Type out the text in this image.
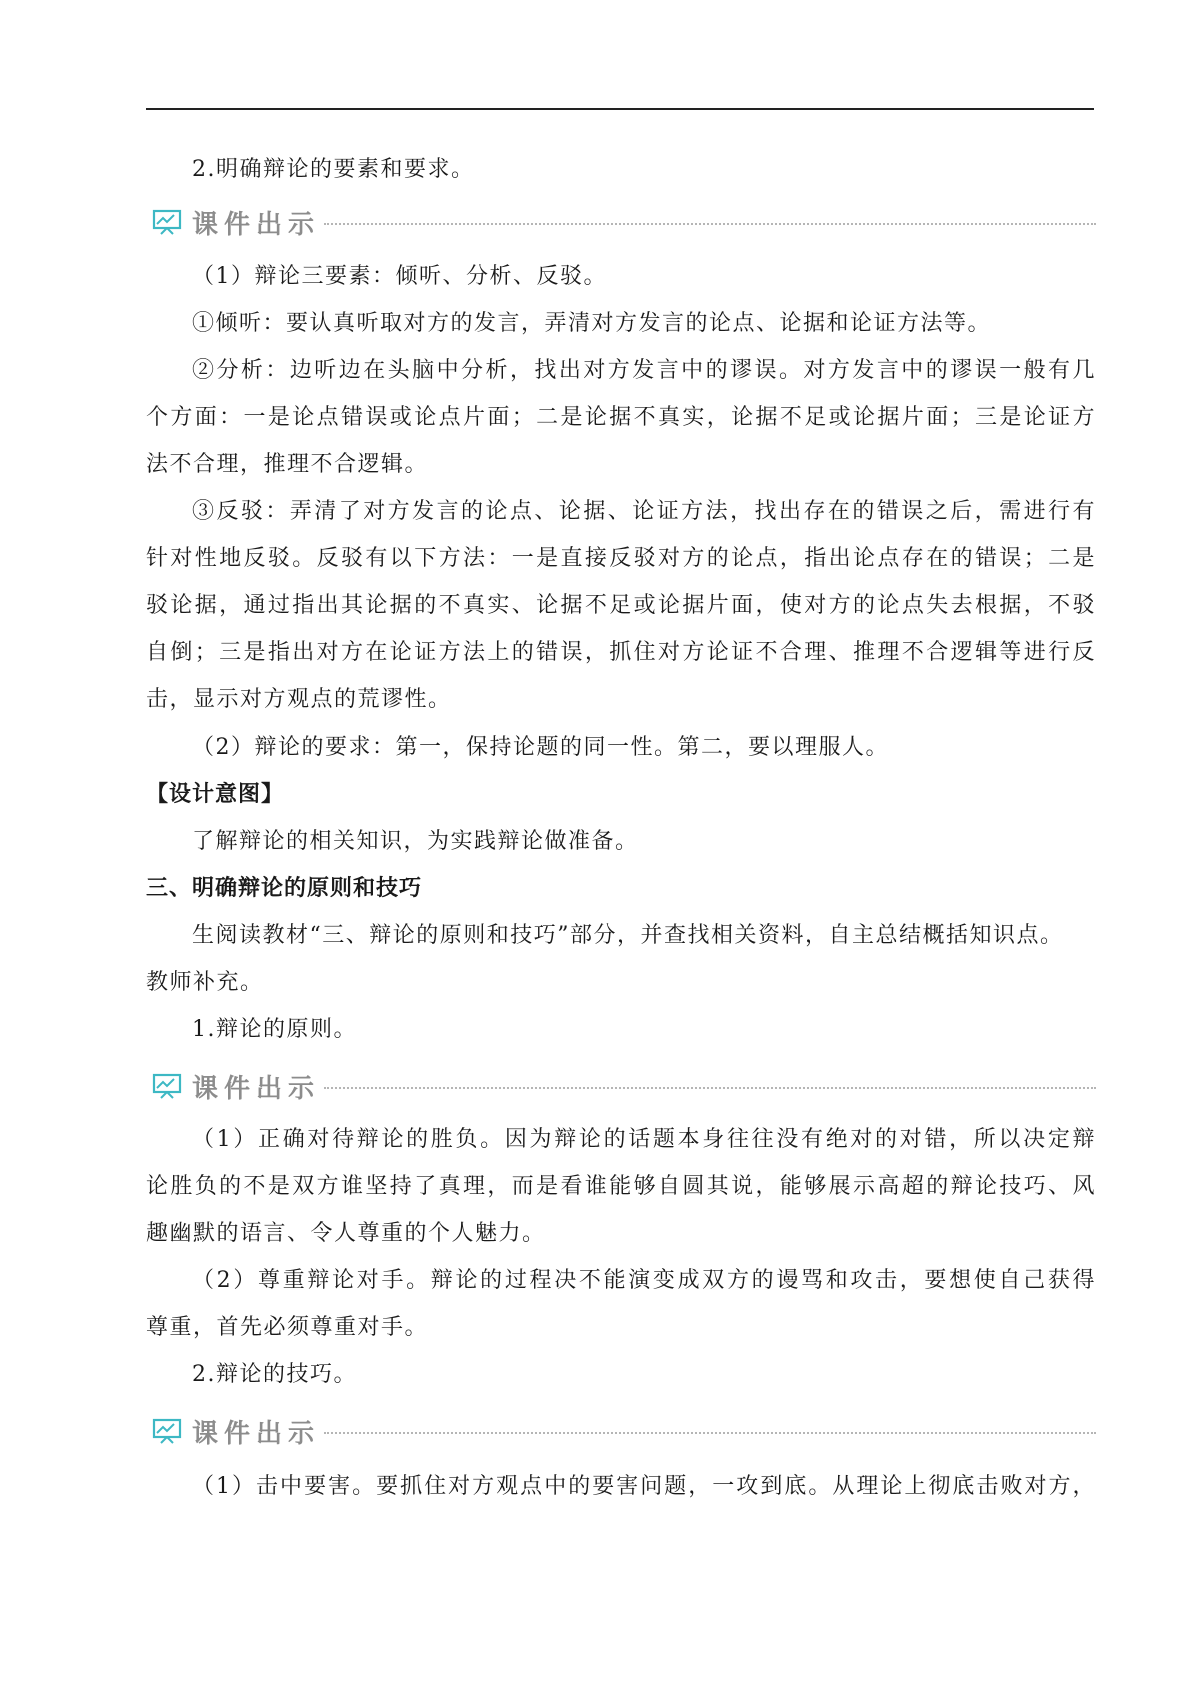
2.明确辩论的要素和要求。
课件出示
（1）辩论三要素：倾听、分析、反驳。
①倾听：要认真听取对方的发言，弄清对方发言的论点、论据和论证方法等。
②分析：边听边在头脑中分析，找出对方发言中的谬误。对方发言中的谬误一般有几
个方面：一是论点错误或论点片面；二是论据不真实，论据不足或论据片面；三是论证方
法不合理，推理不合逻辑。
③反驳：弄清了对方发言的论点、论据、论证方法，找出存在的错误之后，需进行有
针对性地反驳。反驳有以下方法：一是直接反驳对方的论点，指出论点存在的错误；二是
驳论据，通过指出其论据的不真实、论据不足或论据片面，使对方的论点失去根据，不驳
自倒；三是指出对方在论证方法上的错误，抓住对方论证不合理、推理不合逻辑等进行反
击，显示对方观点的荒谬性。
（2）辩论的要求：第一，保持论题的同一性。第二，要以理服人。
【设计意图】
了解辩论的相关知识，为实践辩论做准备。
三、明确辩论的原则和技巧
生阅读教材“三、辩论的原则和技巧”部分，并查找相关资料，自主总结概括知识点。
教师补充。
1.辩论的原则。
课件出示
（1）正确对待辩论的胜负。因为辩论的话题本身往往没有绝对的对错，所以决定辩
论胜负的不是双方谁坚持了真理，而是看谁能够自圆其说，能够展示高超的辩论技巧、风
趣幽默的语言、令人尊重的个人魅力。
（2）尊重辩论对手。辩论的过程决不能演变成双方的谩骂和攻击，要想使自己获得
尊重，首先必须尊重对手。
2.辩论的技巧。
课件出示
（1）击中要害。要抓住对方观点中的要害问题，一攻到底。从理论上彻底击败对方，
